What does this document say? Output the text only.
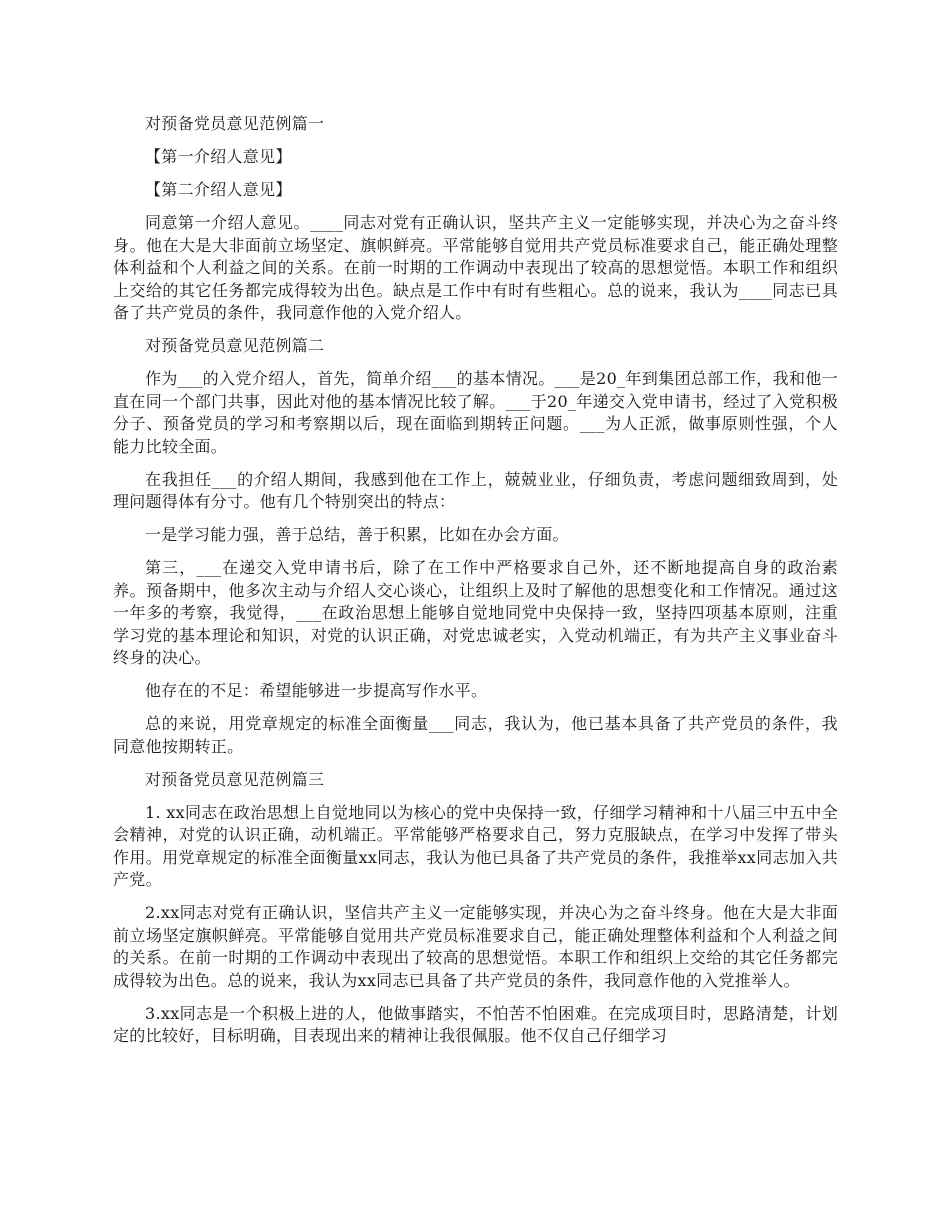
对预备党员意见范例篇一

【第一介绍人意见】

【第二介绍人意见】

同意第一介绍人意见。____同志对党有正确认识，坚共产主义一定能够实现，并决心为之奋斗终身。他在大是大非面前立场坚定、旗帜鲜亮。平常能够自觉用共产党员标准要求自己，能正确处理整体利益和个人利益之间的关系。在前一时期的工作调动中表现出了较高的思想觉悟。本职工作和组织上交给的其它任务都完成得较为出色。缺点是工作中有时有些粗心。总的说来，我认为____同志已具备了共产党员的条件，我同意作他的入党介绍人。

对预备党员意见范例篇二

作为___的入党介绍人，首先，简单介绍___的基本情况。___是20_年到集团总部工作，我和他一直在同一个部门共事，因此对他的基本情况比较了解。___于20_年递交入党申请书，经过了入党积极分子、预备党员的学习和考察期以后，现在面临到期转正问题。___为人正派，做事原则性强，个人能力比较全面。

在我担任___的介绍人期间，我感到他在工作上，兢兢业业，仔细负责，考虑问题细致周到，处理问题得体有分寸。他有几个特别突出的特点：

一是学习能力强，善于总结，善于积累，比如在办会方面。

第三，___在递交入党申请书后，除了在工作中严格要求自己外，还不断地提高自身的政治素养。预备期中，他多次主动与介绍人交心谈心，让组织上及时了解他的思想变化和工作情况。通过这一年多的考察，我觉得，___在政治思想上能够自觉地同党中央保持一致，坚持四项基本原则，注重学习党的基本理论和知识，对党的认识正确，对党忠诚老实，入党动机端正，有为共产主义事业奋斗终身的决心。

他存在的不足：希望能够进一步提高写作水平。

总的来说，用党章规定的标准全面衡量___同志，我认为，他已基本具备了共产党员的条件，我同意他按期转正。

对预备党员意见范例篇三

1. xx同志在政治思想上自觉地同以为核心的党中央保持一致，仔细学习精神和十八届三中五中全会精神，对党的认识正确，动机端正。平常能够严格要求自己，努力克服缺点，在学习中发挥了带头作用。用党章规定的标准全面衡量xx同志，我认为他已具备了共产党员的条件，我推举xx同志加入共产党。

2.xx同志对党有正确认识，坚信共产主义一定能够实现，并决心为之奋斗终身。他在大是大非面前立场坚定旗帜鲜亮。平常能够自觉用共产党员标准要求自己，能正确处理整体利益和个人利益之间的关系。在前一时期的工作调动中表现出了较高的思想觉悟。本职工作和组织上交给的其它任务都完成得较为出色。总的说来，我认为xx同志已具备了共产党员的条件，我同意作他的入党推举人。

3.xx同志是一个积极上进的人，他做事踏实，不怕苦不怕困难。在完成项目时，思路清楚，计划定的比较好，目标明确，目表现出来的精神让我很佩服。他不仅自己仔细学习
